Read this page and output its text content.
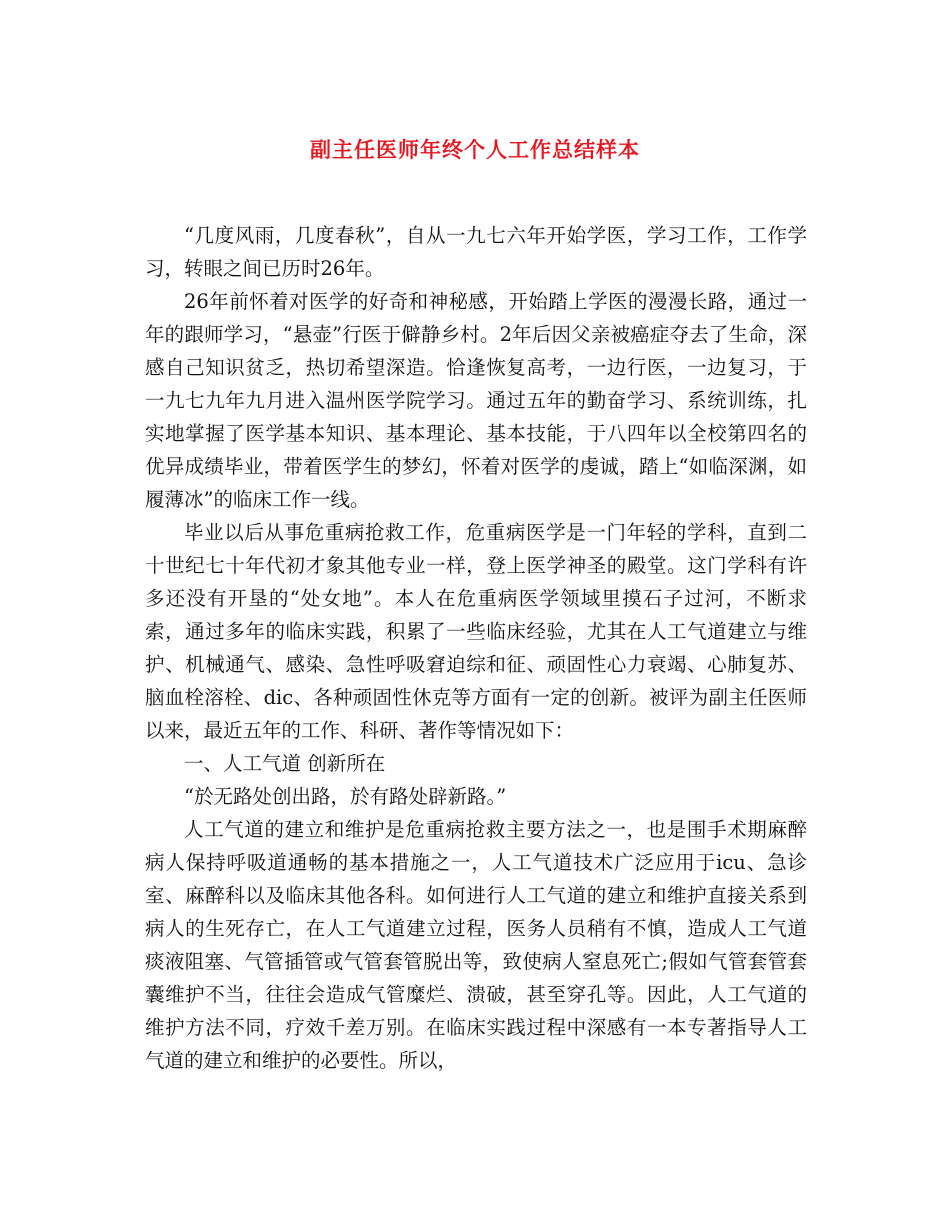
副主任医师年终个人工作总结样本

“几度风雨，几度春秋”，自从一九七六年开始学医，学习工作，工作学习，转眼之间已历时26年。

26年前怀着对医学的好奇和神秘感，开始踏上学医的漫漫长路，通过一年的跟师学习，“悬壶”行医于僻静乡村。2年后因父亲被癌症夺去了生命，深感自己知识贫乏，热切希望深造。恰逢恢复高考，一边行医，一边复习，于一九七九年九月进入温州医学院学习。通过五年的勤奋学习、系统训练，扎实地掌握了医学基本知识、基本理论、基本技能，于八四年以全校第四名的优异成绩毕业，带着医学生的梦幻，怀着对医学的虔诚，踏上“如临深渊，如履薄冰”的临床工作一线。

毕业以后从事危重病抢救工作，危重病医学是一门年轻的学科，直到二十世纪七十年代初才象其他专业一样，登上医学神圣的殿堂。这门学科有许多还没有开垦的“处女地”。本人在危重病医学领域里摸石子过河，不断求索，通过多年的临床实践，积累了一些临床经验，尤其在人工气道建立与维护、机械通气、感染、急性呼吸窘迫综和征、顽固性心力衰竭、心肺复苏、脑血栓溶栓、dic、各种顽固性休克等方面有一定的创新。被评为副主任医师以来，最近五年的工作、科研、著作等情况如下：

一、人工气道 创新所在

“於无路处创出路，於有路处辟新路。”

人工气道的建立和维护是危重病抢救主要方法之一，也是围手术期麻醉病人保持呼吸道通畅的基本措施之一，人工气道技术广泛应用于icu、急诊室、麻醉科以及临床其他各科。如何进行人工气道的建立和维护直接关系到病人的生死存亡，在人工气道建立过程，医务人员稍有不慎，造成人工气道痰液阻塞、气管插管或气管套管脱出等，致使病人窒息死亡;假如气管套管套囊维护不当，往往会造成气管糜烂、溃破，甚至穿孔等。因此，人工气道的维护方法不同，疗效千差万别。在临床实践过程中深感有一本专著指导人工气道的建立和维护的必要性。所以，
